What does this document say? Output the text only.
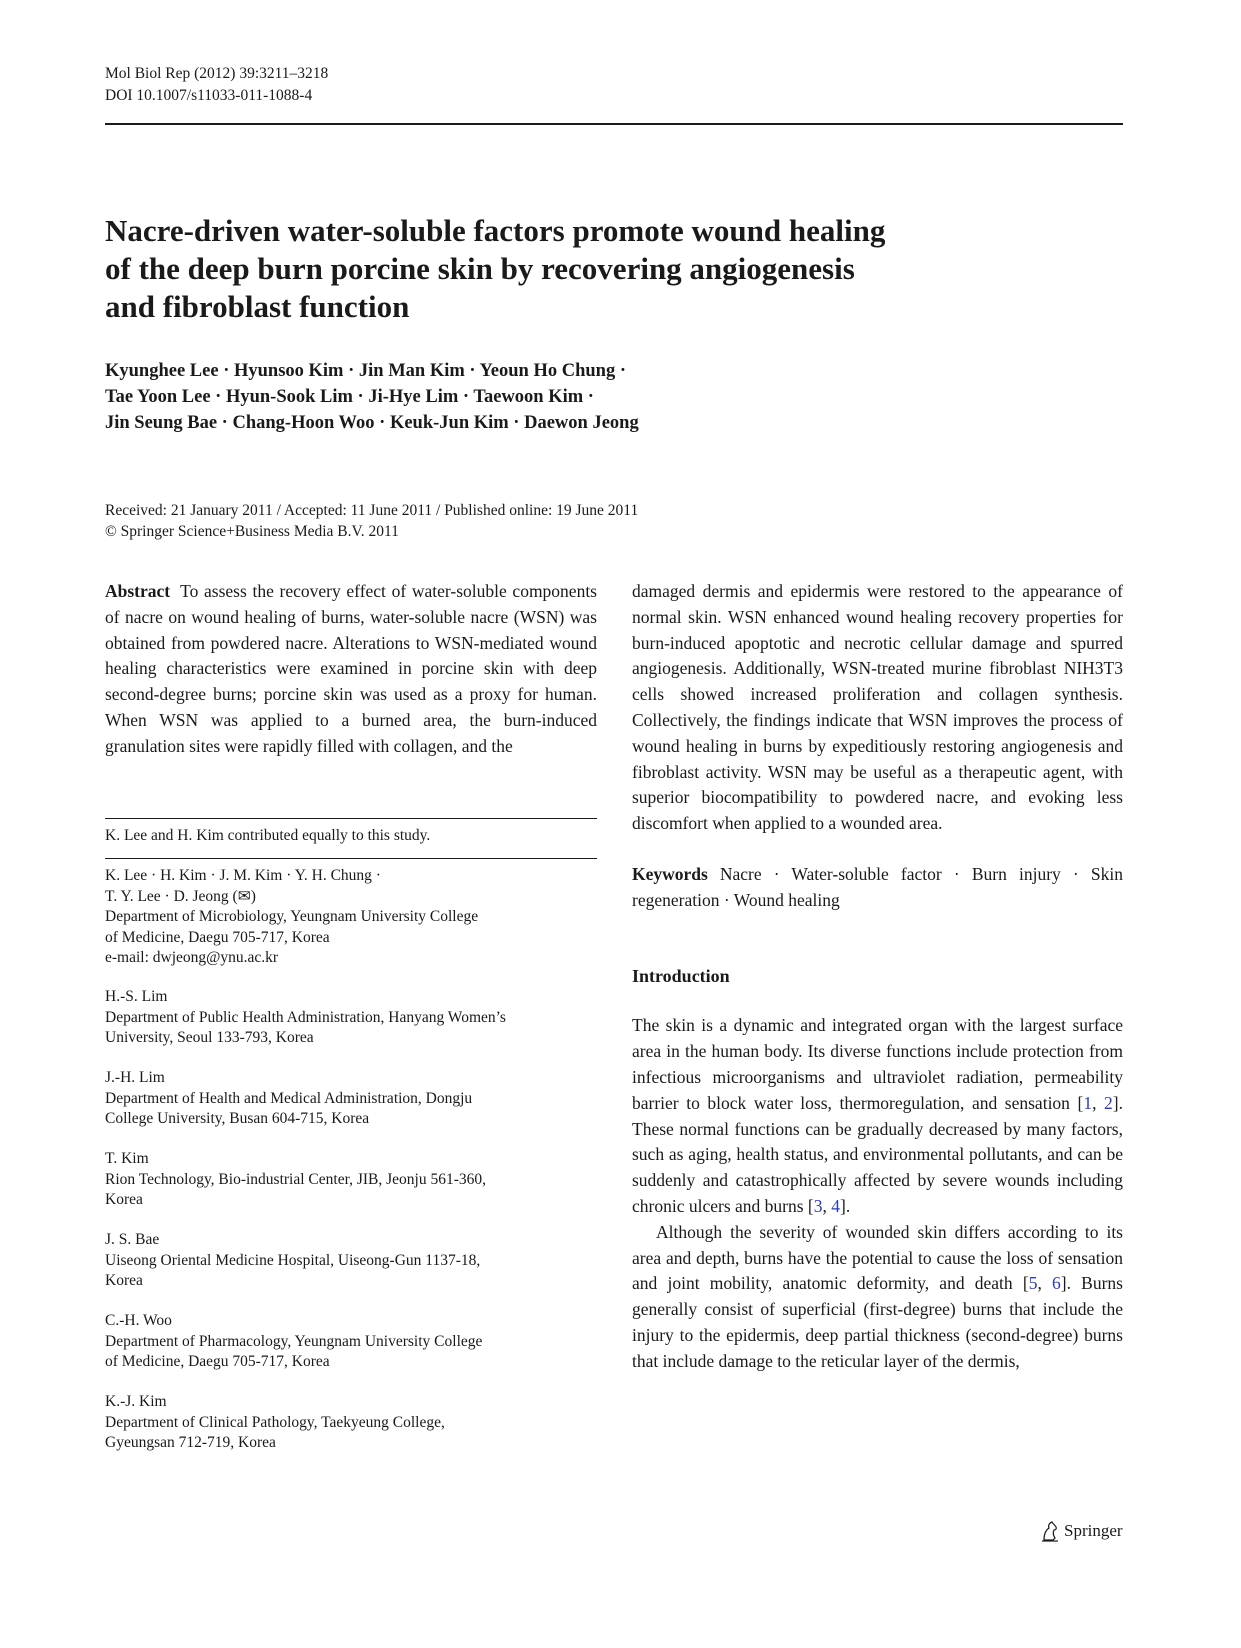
Mol Biol Rep (2012) 39:3211–3218
DOI 10.1007/s11033-011-1088-4
Nacre-driven water-soluble factors promote wound healing
of the deep burn porcine skin by recovering angiogenesis
and fibroblast function
Kyunghee Lee · Hyunsoo Kim · Jin Man Kim · Yeoun Ho Chung ·
Tae Yoon Lee · Hyun-Sook Lim · Ji-Hye Lim · Taewoon Kim ·
Jin Seung Bae · Chang-Hoon Woo · Keuk-Jun Kim · Daewon Jeong
Received: 21 January 2011 / Accepted: 11 June 2011 / Published online: 19 June 2011
© Springer Science+Business Media B.V. 2011

Abstract To assess the recovery effect of water-soluble components of nacre on wound healing of burns, water-soluble nacre (WSN) was obtained from powdered nacre. Alterations to WSN-mediated wound healing characteristics were examined in porcine skin with deep second-degree burns; porcine skin was used as a proxy for human. When WSN was applied to a burned area, the burn-induced granulation sites were rapidly filled with collagen, and the

K. Lee and H. Kim contributed equally to this study.
K. Lee · H. Kim · J. M. Kim · Y. H. Chung ·
T. Y. Lee · D. Jeong (✉)
Department of Microbiology, Yeungnam University College
of Medicine, Daegu 705-717, Korea
e-mail: dwjeong@ynu.ac.kr
H.-S. Lim
Department of Public Health Administration, Hanyang Women’s
University, Seoul 133-793, Korea
J.-H. Lim
Department of Health and Medical Administration, Dongju
College University, Busan 604-715, Korea
T. Kim
Rion Technology, Bio-industrial Center, JIB, Jeonju 561-360,
Korea
J. S. Bae
Uiseong Oriental Medicine Hospital, Uiseong-Gun 1137-18,
Korea
C.-H. Woo
Department of Pharmacology, Yeungnam University College
of Medicine, Daegu 705-717, Korea
K.-J. Kim
Department of Clinical Pathology, Taekyeung College,
Gyeungsan 712-719, Korea

damaged dermis and epidermis were restored to the appearance of normal skin. WSN enhanced wound healing recovery properties for burn-induced apoptotic and necrotic cellular damage and spurred angiogenesis. Additionally, WSN-treated murine fibroblast NIH3T3 cells showed increased proliferation and collagen synthesis. Collectively, the findings indicate that WSN improves the process of wound healing in burns by expeditiously restoring angiogenesis and fibroblast activity. WSN may be useful as a therapeutic agent, with superior biocompatibility to powdered nacre, and evoking less discomfort when applied to a wounded area.

Keywords Nacre · Water-soluble factor · Burn injury · Skin regeneration · Wound healing

Introduction

The skin is a dynamic and integrated organ with the largest surface area in the human body. Its diverse functions include protection from infectious microorganisms and ultraviolet radiation, permeability barrier to block water loss, thermoregulation, and sensation [1, 2]. These normal functions can be gradually decreased by many factors, such as aging, health status, and environmental pollutants, and can be suddenly and catastrophically affected by severe wounds including chronic ulcers and burns [3, 4].

Although the severity of wounded skin differs according to its area and depth, burns have the potential to cause the loss of sensation and joint mobility, anatomic deformity, and death [5, 6]. Burns generally consist of superficial (first-degree) burns that include the injury to the epidermis, deep partial thickness (second-degree) burns that include damage to the reticular layer of the dermis,

Springer
